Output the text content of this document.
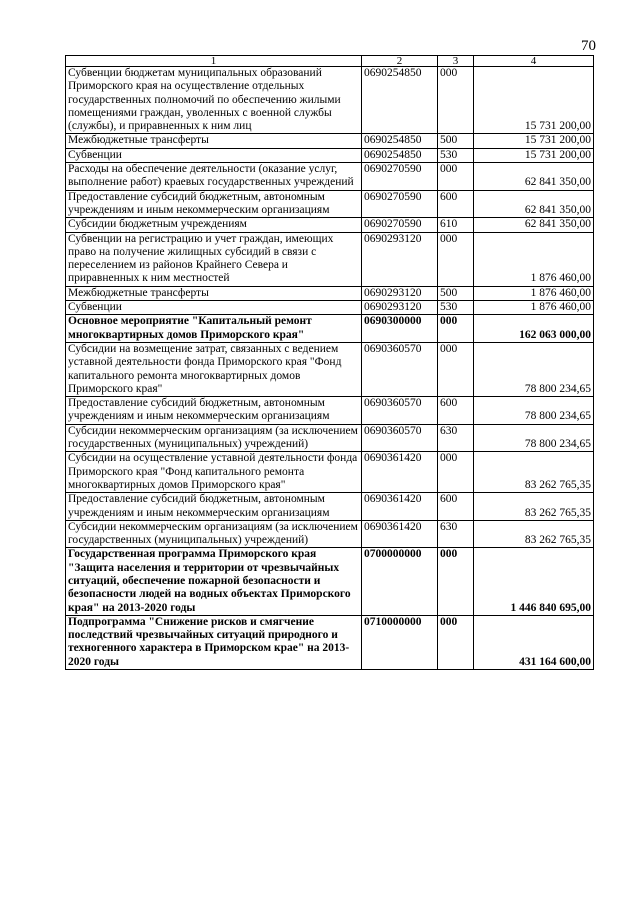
70
1	2	3	4
Субвенции бюджетам муниципальных образований Приморского края на осуществление отдельных государственных полномочий по обеспечению жилыми помещениями граждан, уволенных с военной службы (службы), и приравненных к ним лиц	0690254850	000	15 731 200,00
Межбюджетные трансферты	0690254850	500	15 731 200,00
Субвенции	0690254850	530	15 731 200,00
Расходы на обеспечение деятельности (оказание услуг, выполнение работ) краевых государственных учреждений	0690270590	000	62 841 350,00
Предоставление субсидий бюджетным, автономным учреждениям и иным некоммерческим организациям	0690270590	600	62 841 350,00
Субсидии бюджетным учреждениям	0690270590	610	62 841 350,00
Субвенции на регистрацию и учет граждан, имеющих право на получение жилищных субсидий в связи с переселением из районов Крайнего Севера и приравненных к ним местностей	0690293120	000	1 876 460,00
Межбюджетные трансферты	0690293120	500	1 876 460,00
Субвенции	0690293120	530	1 876 460,00
Основное мероприятие "Капитальный ремонт многоквартирных домов Приморского края"	0690300000	000	162 063 000,00
Субсидии на возмещение затрат, связанных с ведением уставной деятельности фонда Приморского края "Фонд капитального ремонта многоквартирных домов Приморского края"	0690360570	000	78 800 234,65
Предоставление субсидий бюджетным, автономным учреждениям и иным некоммерческим организациям	0690360570	600	78 800 234,65
Субсидии некоммерческим организациям (за исключением государственных (муниципальных) учреждений)	0690360570	630	78 800 234,65
Субсидии на осуществление уставной деятельности фонда Приморского края "Фонд капитального ремонта многоквартирных домов Приморского края"	0690361420	000	83 262 765,35
Предоставление субсидий бюджетным, автономным учреждениям и иным некоммерческим организациям	0690361420	600	83 262 765,35
Субсидии некоммерческим организациям (за исключением государственных (муниципальных) учреждений)	0690361420	630	83 262 765,35
Государственная программа Приморского края "Защита населения и территории от чрезвычайных ситуаций, обеспечение пожарной безопасности и безопасности людей на водных объектах Приморского края" на 2013-2020 годы	0700000000	000	1 446 840 695,00
Подпрограмма "Снижение рисков и смягчение последствий чрезвычайных ситуаций природного и техногенного характера в Приморском крае" на 2013-2020 годы	0710000000	000	431 164 600,00
